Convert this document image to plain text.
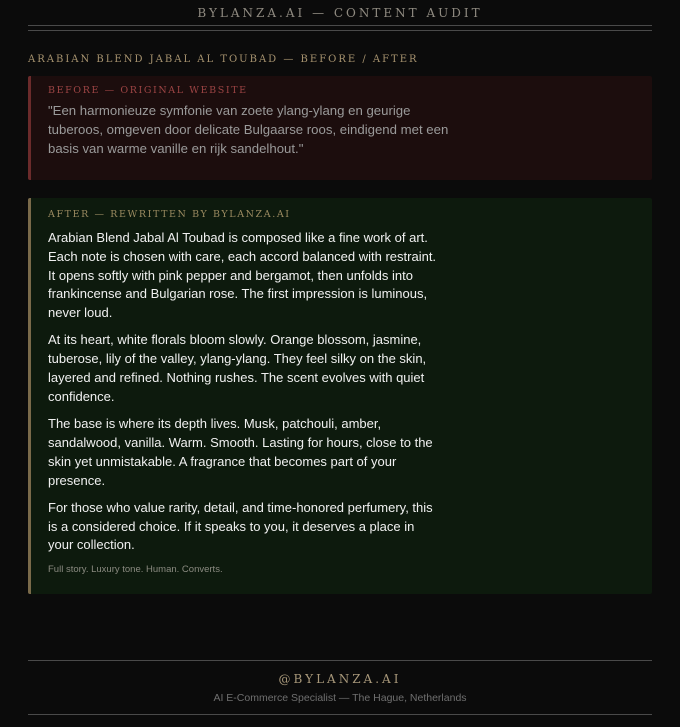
BYLANZA.AI — CONTENT AUDIT
ARABIAN BLEND JABAL AL TOUBAD — BEFORE / AFTER
BEFORE — ORIGINAL WEBSITE
"Een harmonieuze symfonie van zoete ylang-ylang en geurige tuberoos, omgeven door delicate Bulgaarse roos, eindigend met een basis van warme vanille en rijk sandelhout."
AFTER — REWRITTEN BY BYLANZA.AI

Arabian Blend Jabal Al Toubad is composed like a fine work of art. Each note is chosen with care, each accord balanced with restraint. It opens softly with pink pepper and bergamot, then unfolds into frankincense and Bulgarian rose. The first impression is luminous, never loud.

At its heart, white florals bloom slowly. Orange blossom, jasmine, tuberose, lily of the valley, ylang-ylang. They feel silky on the skin, layered and refined. Nothing rushes. The scent evolves with quiet confidence.

The base is where its depth lives. Musk, patchouli, amber, sandalwood, vanilla. Warm. Smooth. Lasting for hours, close to the skin yet unmistakable. A fragrance that becomes part of your presence.

For those who value rarity, detail, and time-honored perfumery, this is a considered choice. If it speaks to you, it deserves a place in your collection.

Full story. Luxury tone. Human. Converts.
@BYLANZA.AI
AI E-Commerce Specialist — The Hague, Netherlands
